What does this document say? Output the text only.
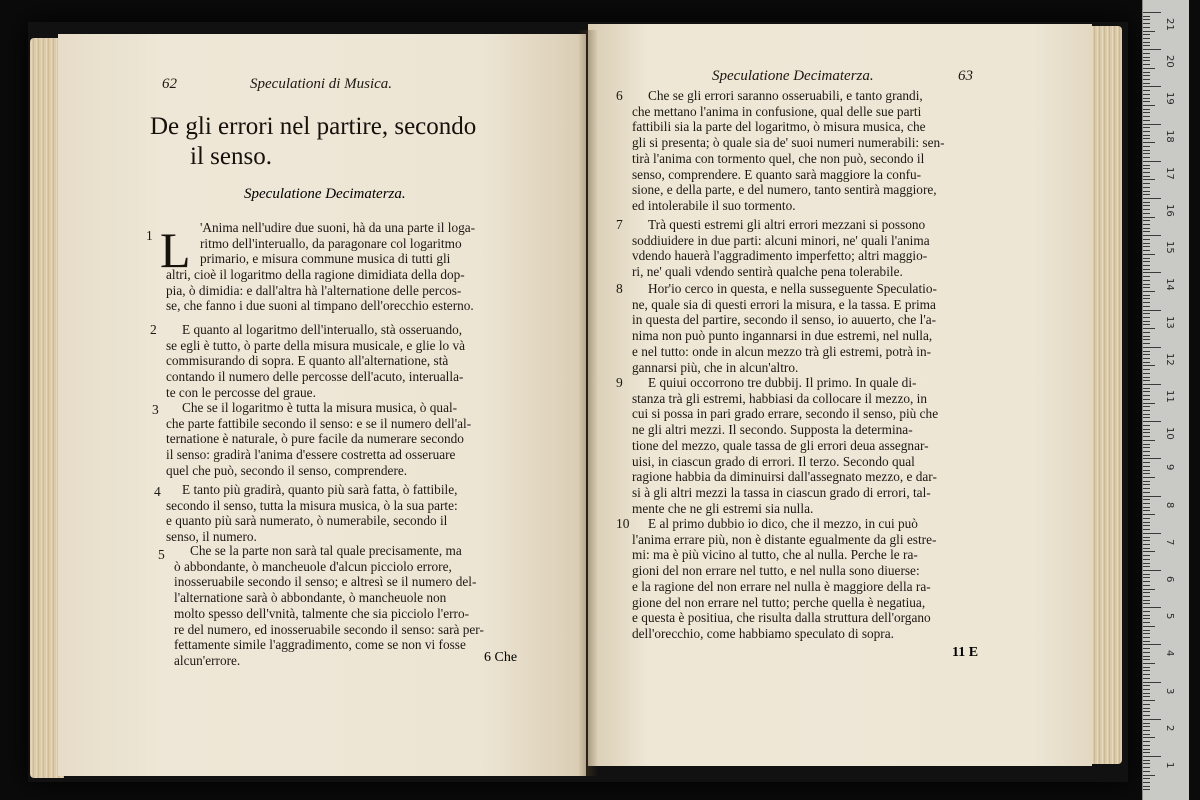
62	Speculationi di Musica.
De gli errori nel partire, secondo
il senso.
Speculatione Decimaterza.
L
1
'Anima nell'udire due suoni, hà da una parte il loga-
ritmo dell'interuallo, da paragonare col logaritmo
primario, e misura commune musica di tutti gli
altri, cioè il logaritmo della ragione dimidiata della dop-
pia, ò dimidia: e dall'altra hà l'alternatione delle percos-
se, che fanno i due suoni al timpano dell'orecchio esterno.
2	E quanto al logaritmo dell'interuallo, stà osseruando,
se egli è tutto, ò parte della misura musicale, e glie lo và
commisurando di sopra. E quanto all'alternatione, stà
contando il numero delle percosse dell'acuto, interualla-
te con le percosse del graue.
3	Che se il logaritmo è tutta la misura musica, ò qual-
che parte fattibile secondo il senso: e se il numero dell'al-
ternatione è naturale, ò pure facile da numerare secondo
il senso: gradirà l'anima d'essere costretta ad osseruare
quel che può, secondo il senso, comprendere.
4	E tanto più gradirà, quanto più sarà fatta, ò fattibile,
secondo il senso, tutta la misura musica, ò la sua parte:
e quanto più sarà numerato, ò numerabile, secondo il
senso, il numero.
5	Che se la parte non sarà tal quale precisamente, ma
ò abbondante, ò mancheuole d'alcun picciolo errore,
inosseruabile secondo il senso; e altresì se il numero del-
l'alternatione sarà ò abbondante, ò mancheuole non
molto spesso dell'vnità, talmente che sia picciolo l'erro-
re del numero, ed inosseruabile secondo il senso: sarà per-
fettamente simile l'aggradimento, come se non vi fosse
alcun'errore.	6 Che
Speculatione Decimaterza.	63
6	Che se gli errori saranno osseruabili, e tanto grandi,
che mettano l'anima in confusione, qual delle sue parti
fattibili sia la parte del logaritmo, ò misura musica, che
gli si presenta; ò quale sia de' suoi numeri numerabili: sen-
tirà l'anima con tormento quel, che non può, secondo il
senso, comprendere. E quanto sarà maggiore la confu-
sione, e della parte, e del numero, tanto sentirà maggiore,
ed intolerabile il suo tormento.
7	Trà questi estremi gli altri errori mezzani si possono
soddiuidere in due parti: alcuni minori, ne' quali l'anima
vdendo hauerà l'aggradimento imperfetto; altri maggio-
ri, ne' quali vdendo sentirà qualche pena tolerabile.
8	Hor'io cerco in questa, e nella susseguente Speculatio-
ne, quale sia di questi errori la misura, e la tassa. E prima
in questa del partire, secondo il senso, io auuerto, che l'a-
nima non può punto ingannarsi in due estremi, nel nulla,
e nel tutto: onde in alcun mezzo trà gli estremi, potrà in-
gannarsi più, che in alcun'altro.
9	E quiui occorrono tre dubbij. Il primo. In quale di-
stanza trà gli estremi, habbiasi da collocare il mezzo, in
cui si possa in pari grado errare, secondo il senso, più che
ne gli altri mezzi. Il secondo. Supposta la determina-
tione del mezzo, quale tassa de gli errori deua assegnar-
uisi, in ciascun grado di errori. Il terzo. Secondo qual
ragione habbia da diminuirsi dall'assegnato mezzo, e dar-
si à gli altri mezzi la tassa in ciascun grado di errori, tal-
mente che ne gli estremi sia nulla.
10	E al primo dubbio io dico, che il mezzo, in cui può
l'anima errare più, non è distante egualmente da gli estre-
mi: ma è più vicino al tutto, che al nulla. Perche le ra-
gioni del non errare nel tutto, e nel nulla sono diuerse:
e la ragione del non errare nel nulla è maggiore della ra-
gione del non errare nel tutto; perche quella è negatiua,
e questa è positiua, che risulta dalla struttura dell'organo
dell'orecchio, come habbiamo speculato di sopra.
11 E
21
20
19
18
17
16
15
14
13
12
11
10
9
8
7
6
5
4
3
2
1
